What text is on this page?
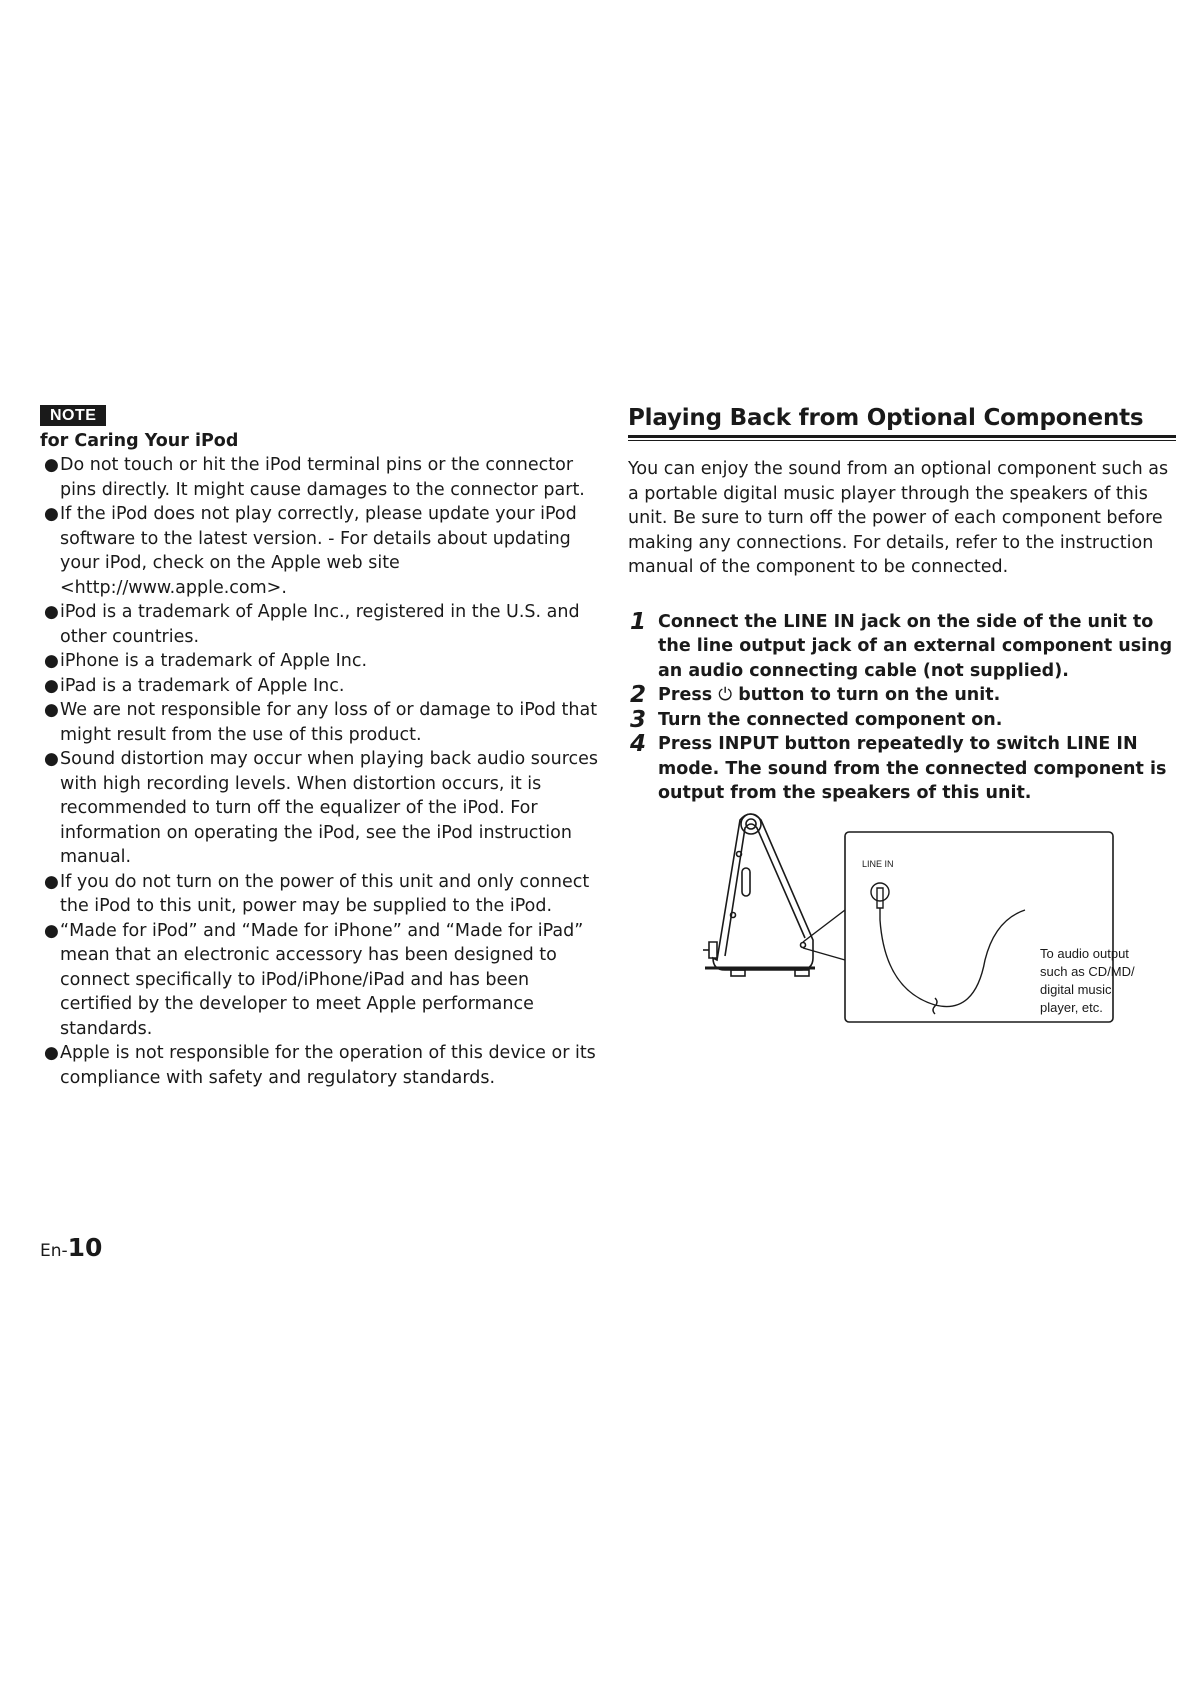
NOTE
for Caring Your iPod
● Do not touch or hit the iPod terminal pins or the connector pins directly. It might cause damages to the connector part.
● If the iPod does not play correctly, please update your iPod software to the latest version. - For details about updating your iPod, check on the Apple web site <http://www.apple.com>.
● iPod is a trademark of Apple Inc., registered in the U.S. and other countries.
● iPhone is a trademark of Apple Inc.
● iPad is a trademark of Apple Inc.
● We are not responsible for any loss of or damage to iPod that might result from the use of this product.
● Sound distortion may occur when playing back audio sources with high recording levels. When distortion occurs, it is recommended to turn off the equalizer of the iPod. For information on operating the iPod, see the iPod instruction manual.
● If you do not turn on the power of this unit and only connect the iPod to this unit, power may be supplied to the iPod.
● “Made for iPod” and “Made for iPhone” and “Made for iPad” mean that an electronic accessory has been designed to connect specifically to iPod/iPhone/iPad and has been certified by the developer to meet Apple performance standards.
● Apple is not responsible for the operation of this device or its compliance with safety and regulatory standards.
Playing Back from Optional Components
You can enjoy the sound from an optional component such as a portable digital music player through the speakers of this unit. Be sure to turn off the power of each component before making any connections. For details, refer to the instruction manual of the component to be connected.
1 Connect the LINE IN jack on the side of the unit to the line output jack of an external component using an audio connecting cable (not supplied).
2 Press ⏻ button to turn on the unit.
3 Turn the connected component on.
4 Press INPUT button repeatedly to switch LINE IN mode. The sound from the connected component is output from the speakers of this unit.
LINE IN
To audio output
such as CD/MD/
digital music
player, etc.
En-10
